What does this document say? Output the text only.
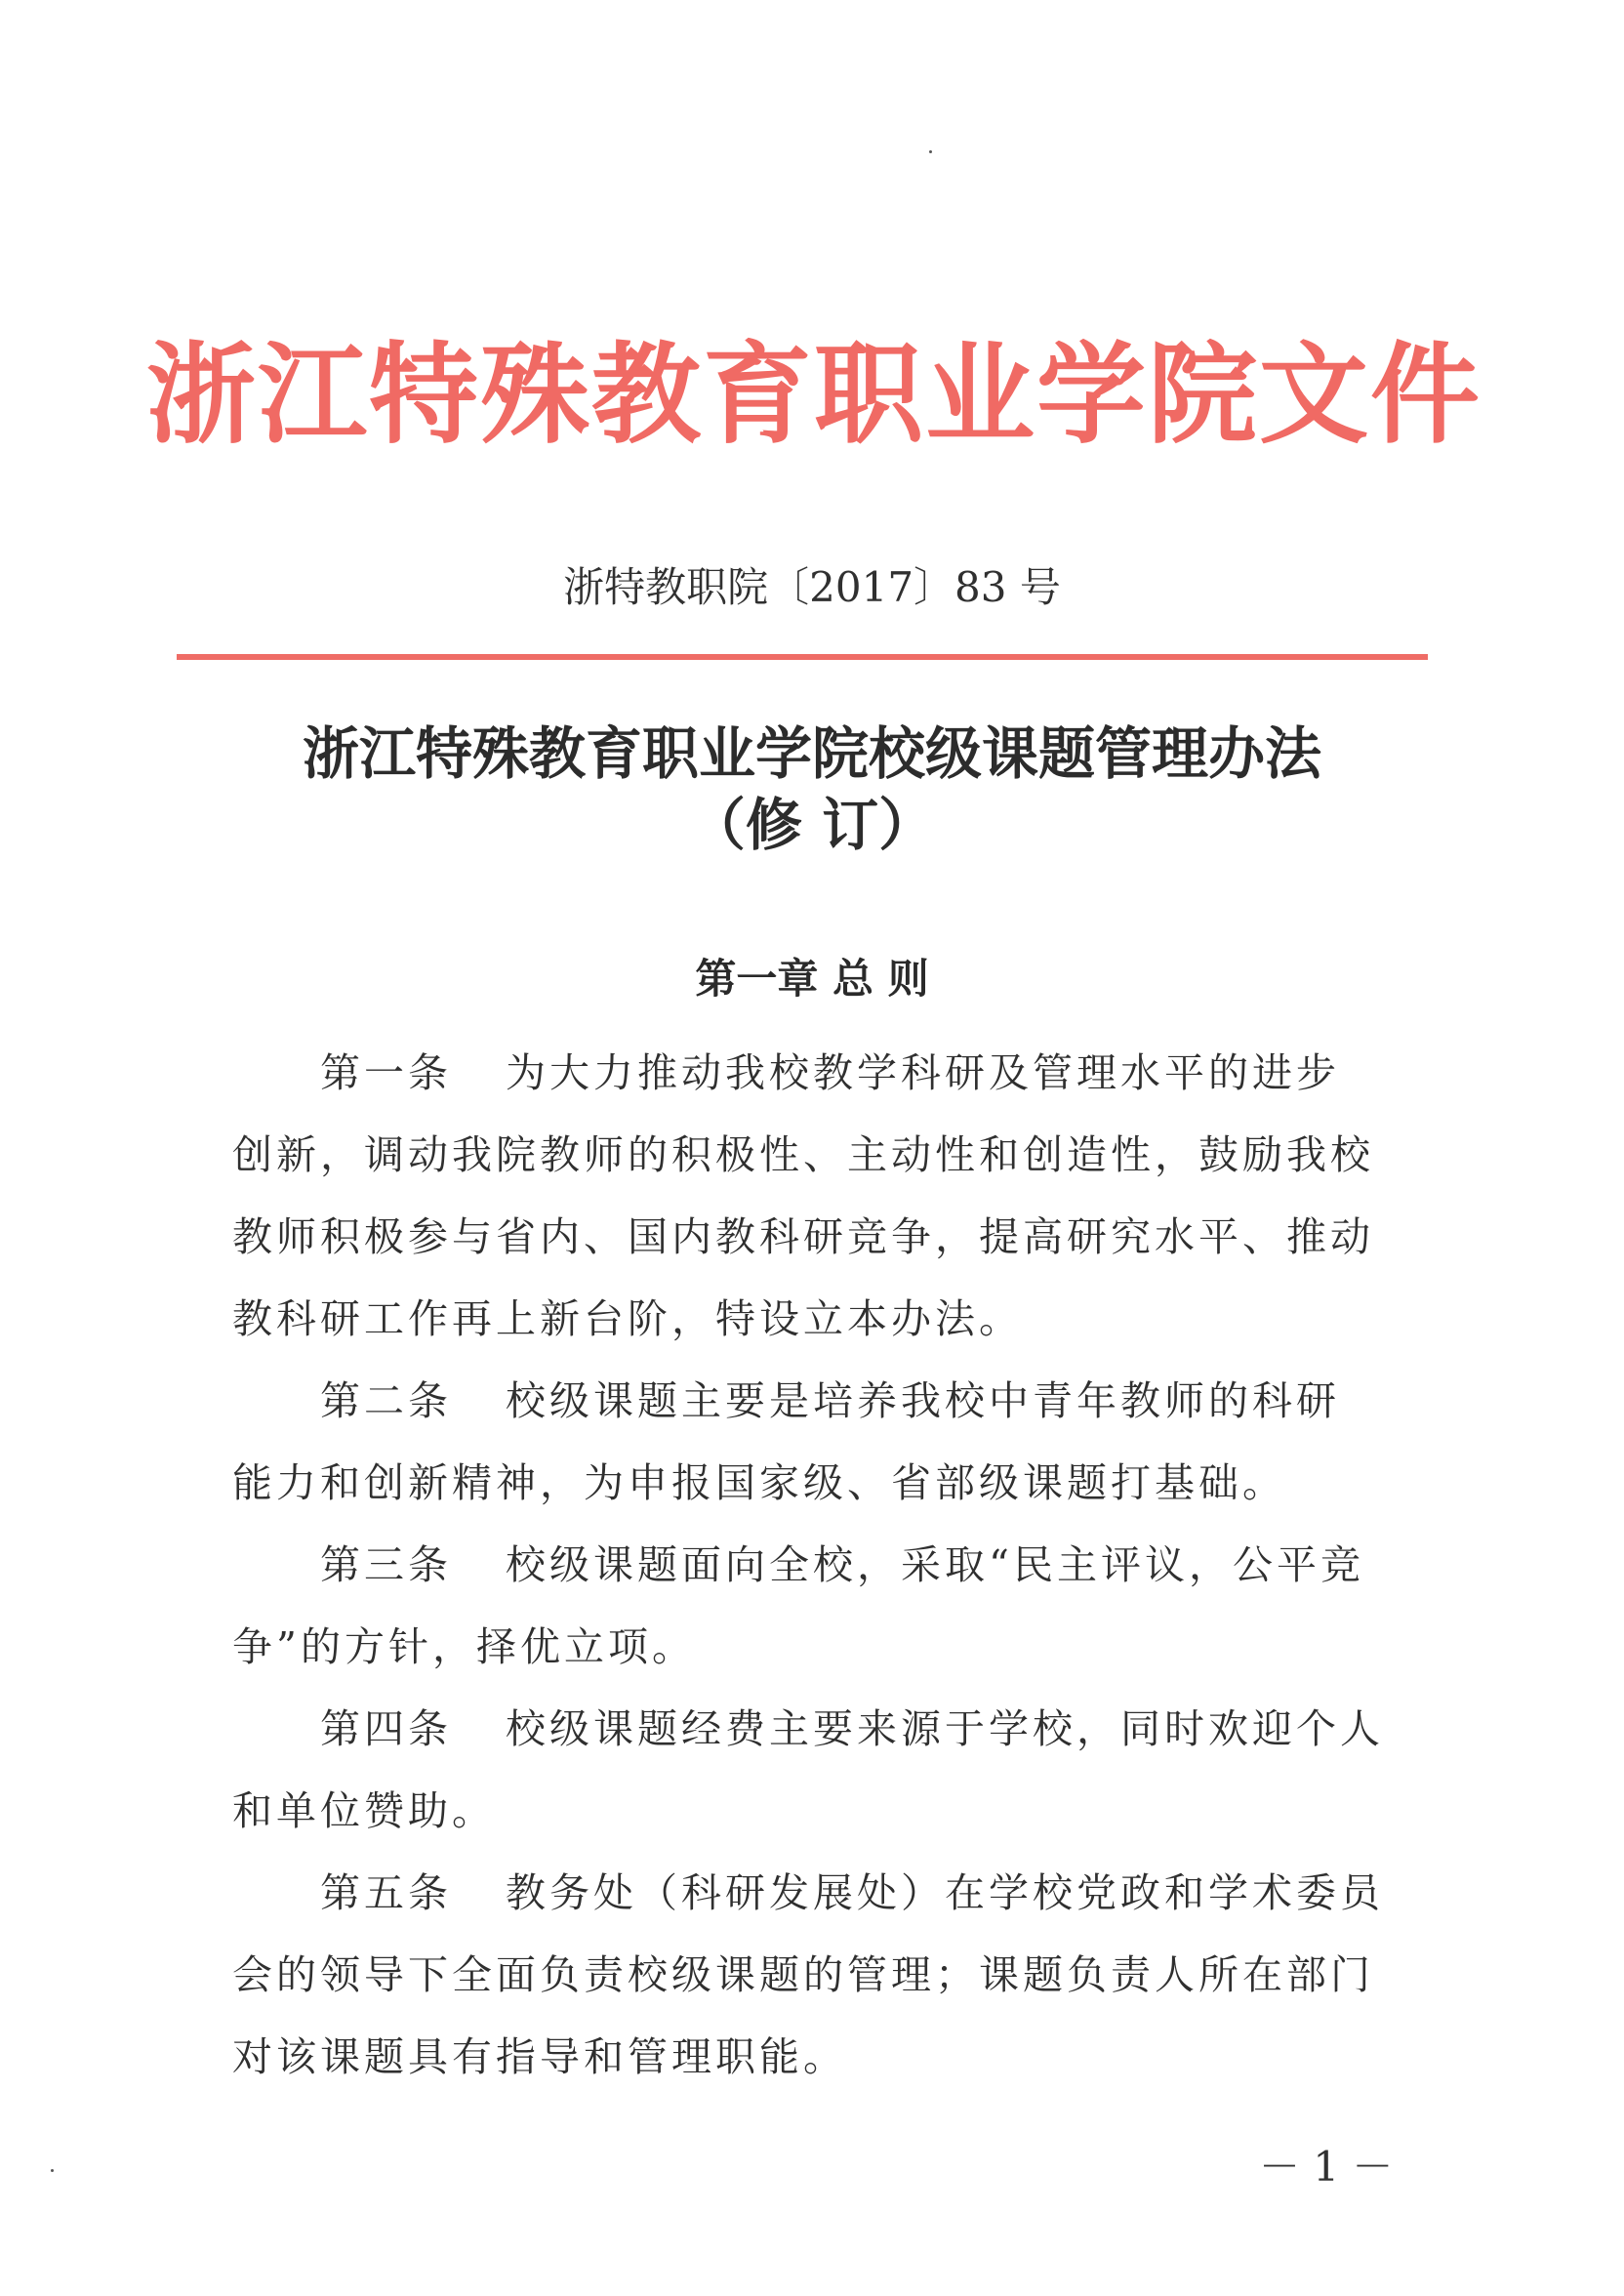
浙江特殊教育职业学院文件
浙特教职院〔2017〕83 号
浙江特殊教育职业学院校级课题管理办法
（修 订）
第一章 总 则
第一条 为大力推动我校教学科研及管理水平的进步
创新，调动我院教师的积极性、主动性和创造性，鼓励我校
教师积极参与省内、国内教科研竞争，提高研究水平、推动
教科研工作再上新台阶，特设立本办法。
第二条 校级课题主要是培养我校中青年教师的科研
能力和创新精神，为申报国家级、省部级课题打基础。
第三条 校级课题面向全校，采取“民主评议，公平竞
争”的方针，择优立项。
第四条 校级课题经费主要来源于学校，同时欢迎个人
和单位赞助。
第五条 教务处（科研发展处）在学校党政和学术委员
会的领导下全面负责校级课题的管理；课题负责人所在部门
对该课题具有指导和管理职能。
－ 1 －
